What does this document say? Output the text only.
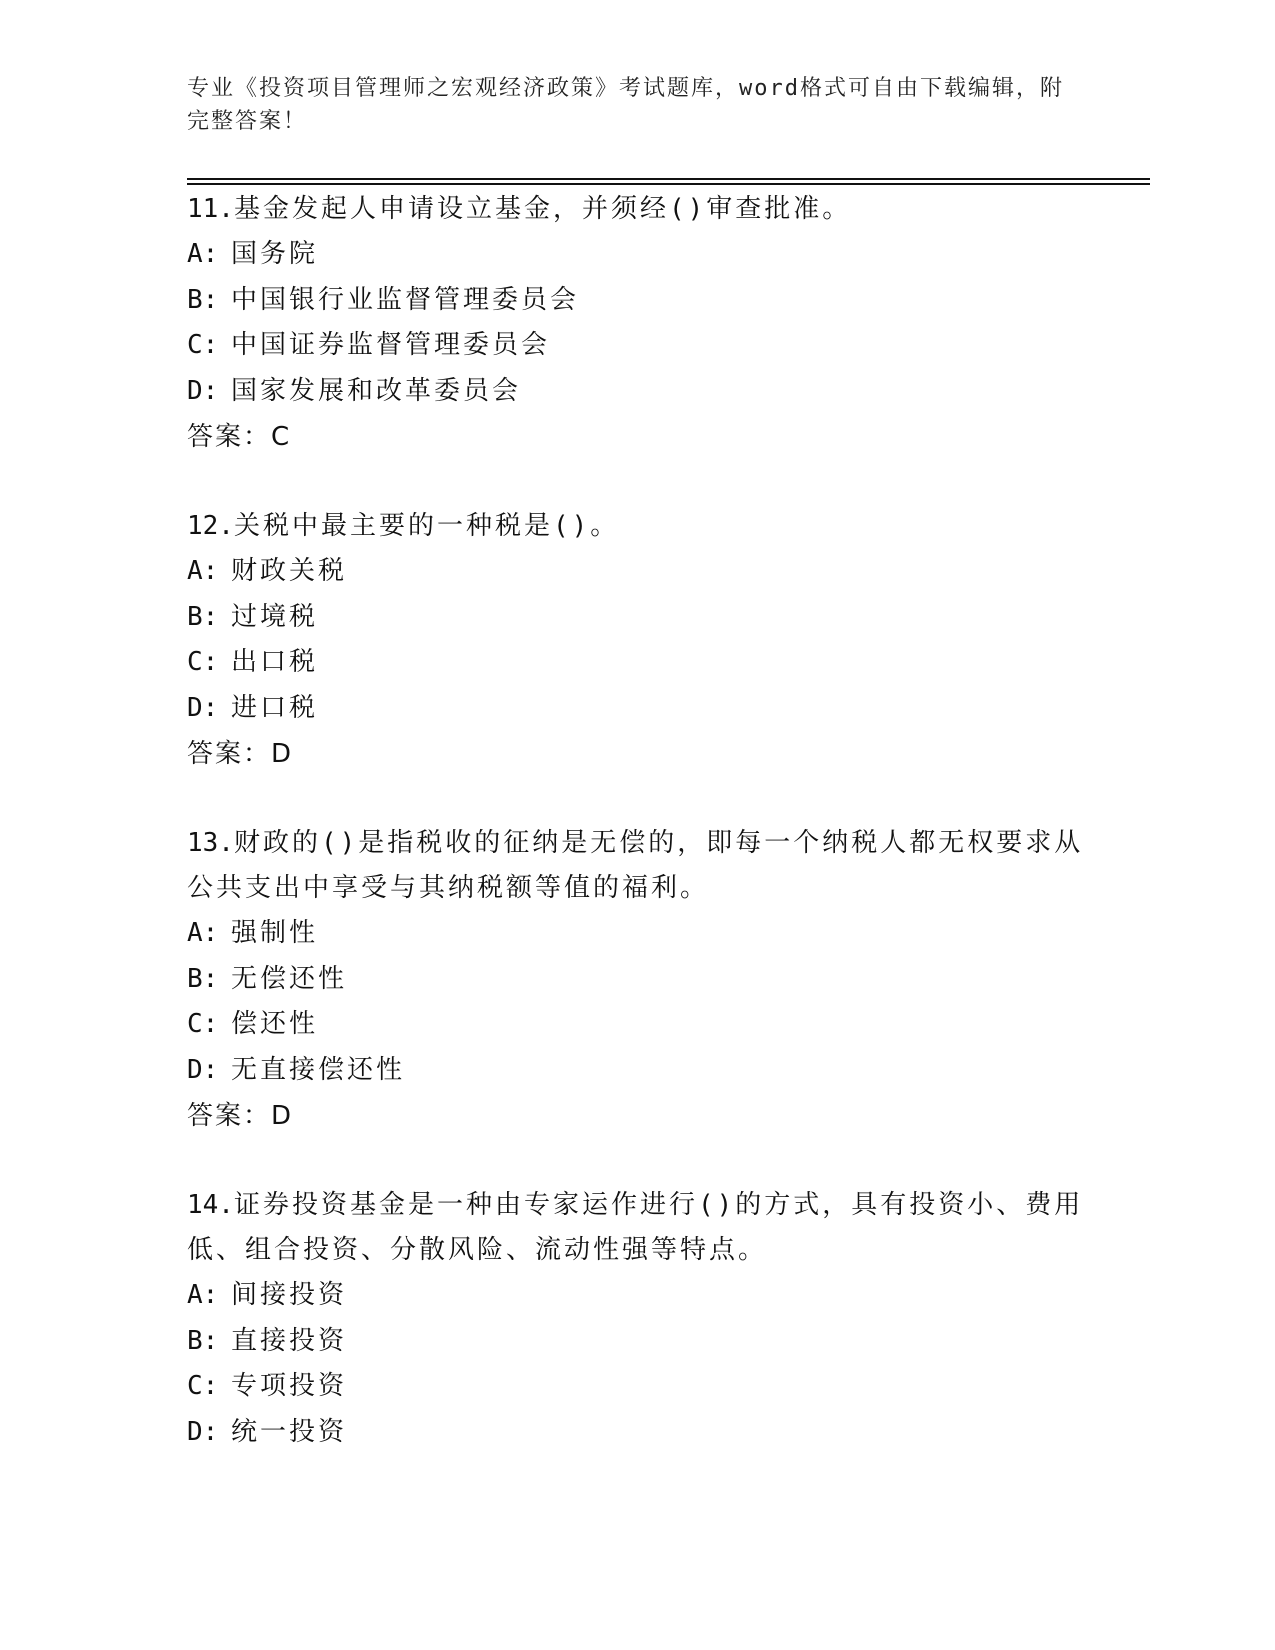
专业《投资项目管理师之宏观经济政策》考试题库，word格式可自由下载编辑，附完整答案！

11.基金发起人申请设立基金，并须经()审查批准。

A: 国务院
B: 中国银行业监督管理委员会
C: 中国证券监督管理委员会
D: 国家发展和改革委员会
答案：C

12.关税中最主要的一种税是()。

A: 财政关税
B: 过境税
C: 出口税
D: 进口税
答案：D

13.财政的()是指税收的征纳是无偿的，即每一个纳税人都无权要求从公共支出中享受与其纳税额等值的福利。

A: 强制性
B: 无偿还性
C: 偿还性
D: 无直接偿还性
答案：D

14.证券投资基金是一种由专家运作进行()的方式，具有投资小、费用低、组合投资、分散风险、流动性强等特点。

A: 间接投资
B: 直接投资
C: 专项投资
D: 统一投资
